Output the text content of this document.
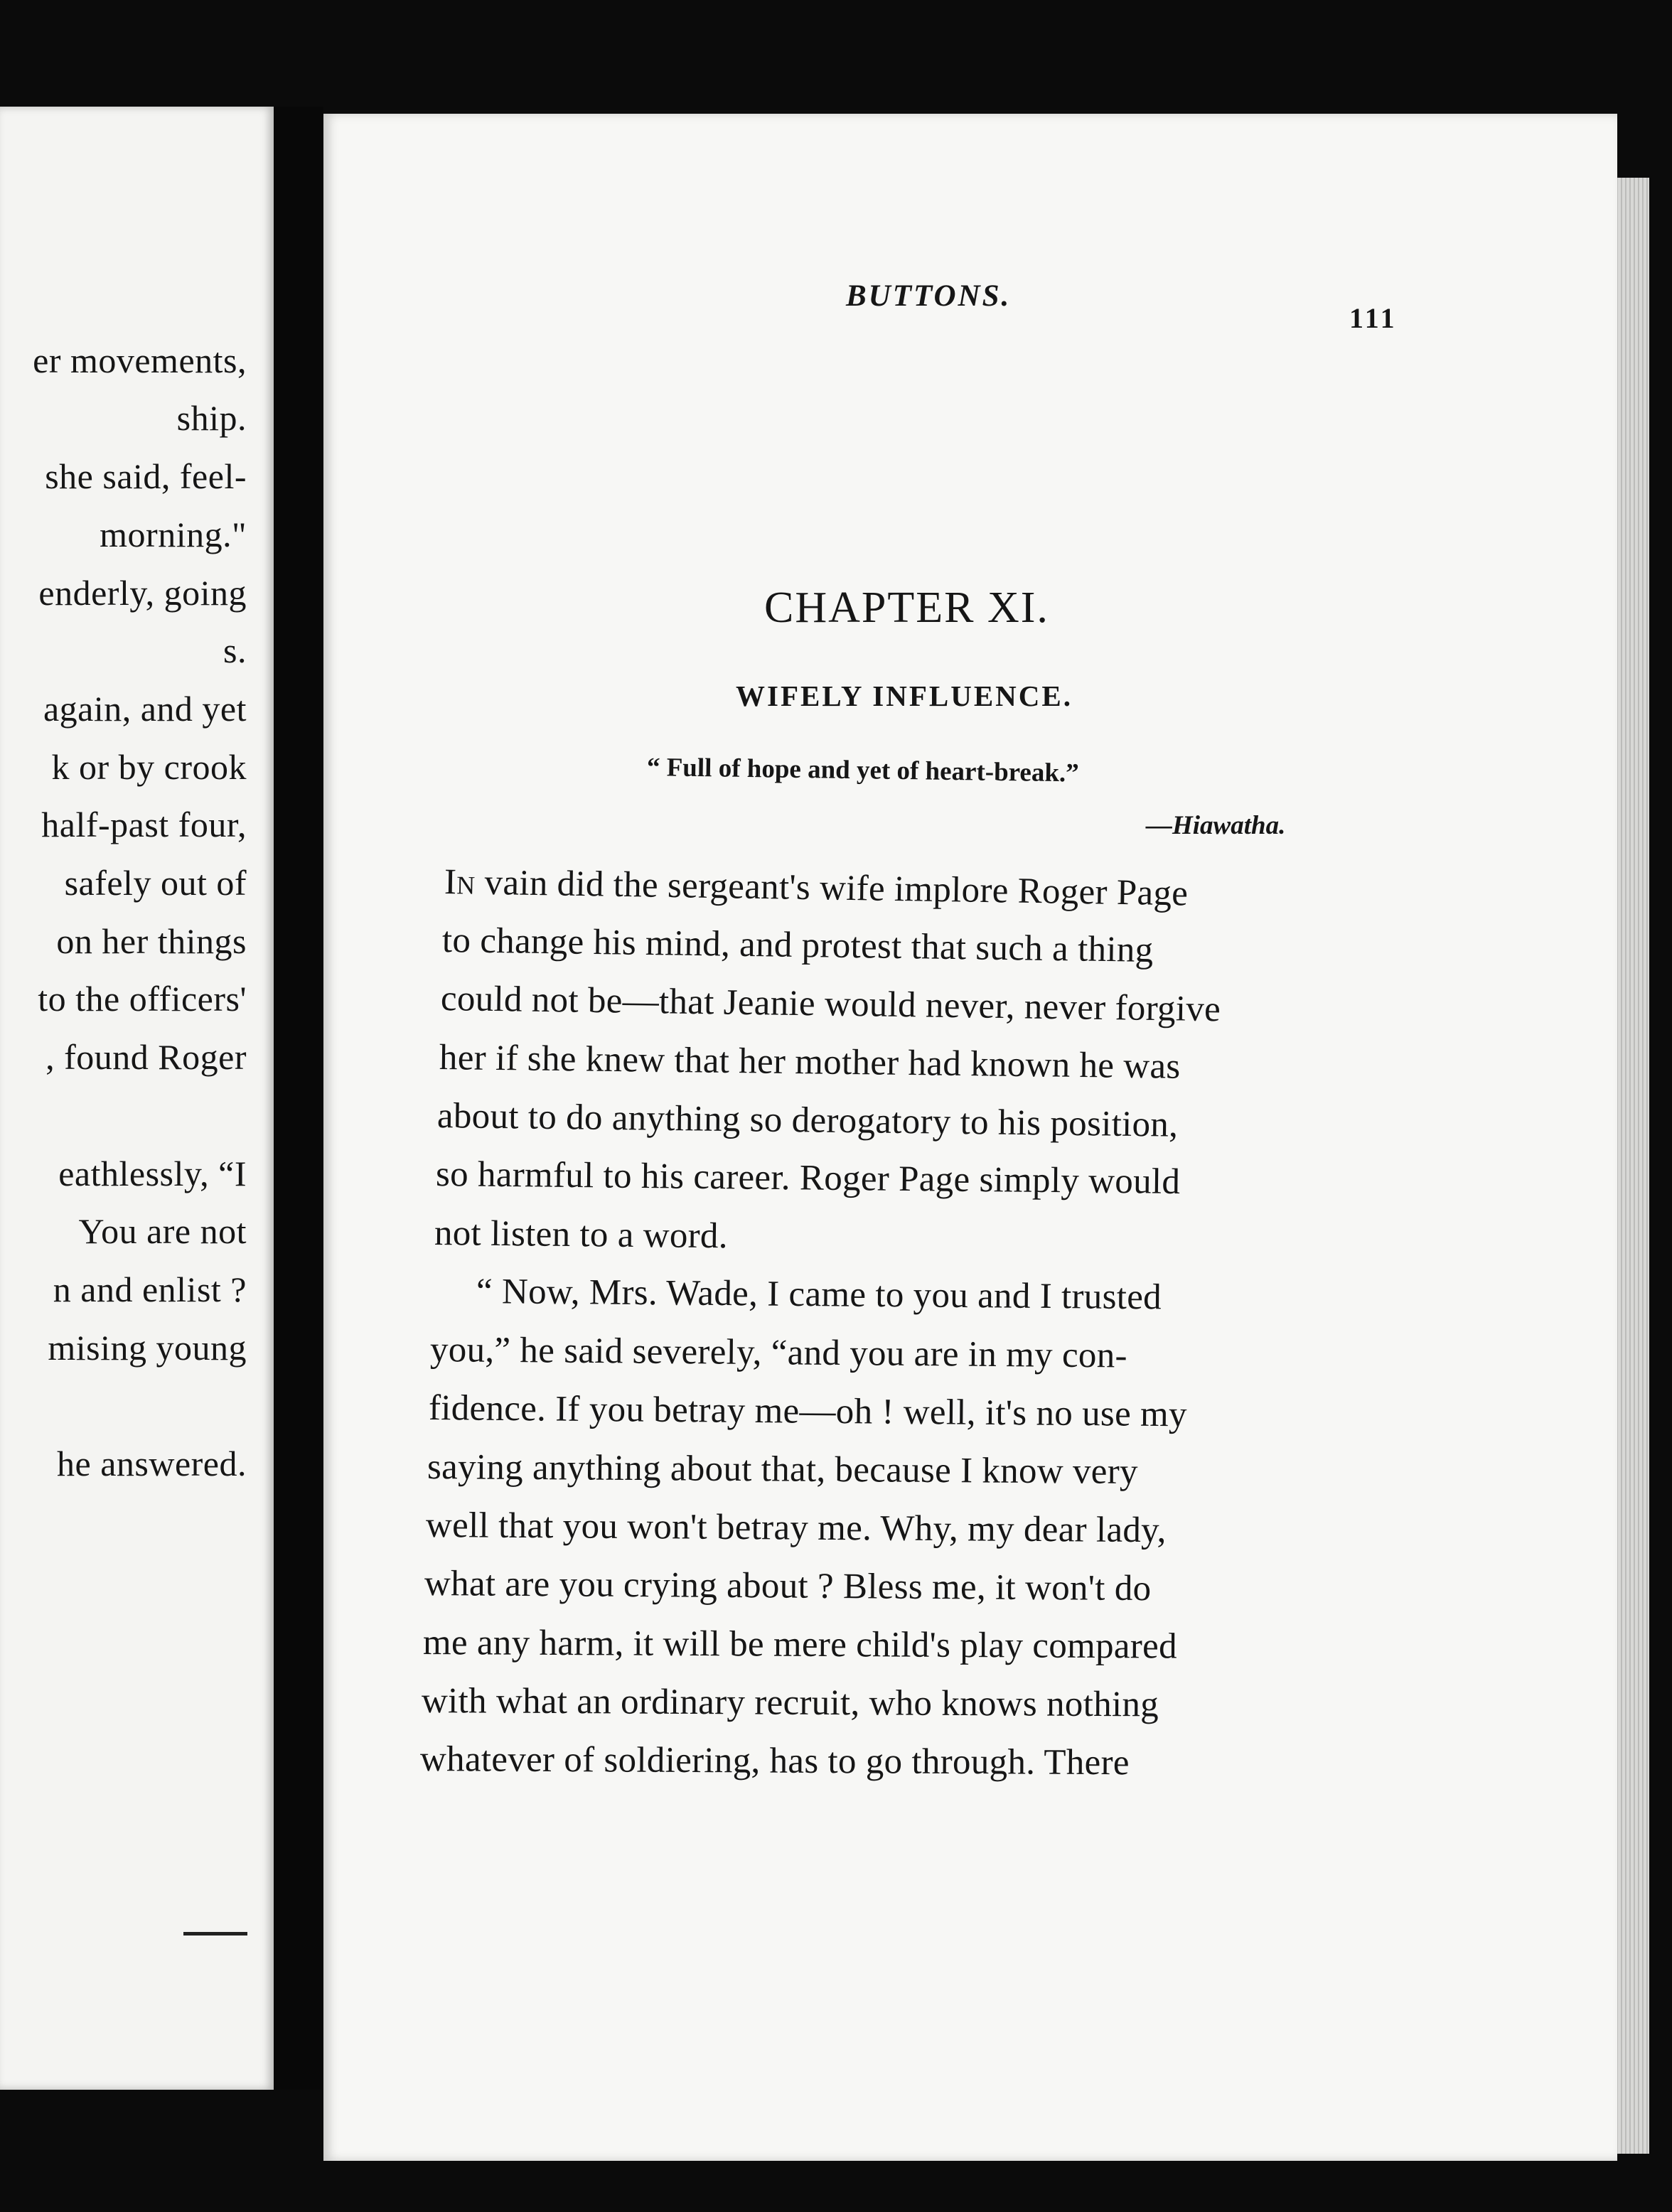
er movements,

ship.

she said, feel-

morning."

enderly, going

s.

again, and yet

k or by crook

half-past four,

safely out of

on her things

to the officers'

, found Roger

eathlessly, “I

You are not

n and enlist ?

mising young

he answered.

BUTTONS.

111

CHAPTER XI.
WIFELY INFLUENCE.

“ Full of hope and yet of heart-break.”

—Hiawatha.

In vain did the sergeant's wife implore Roger Page

to change his mind, and protest that such a thing

could not be—that Jeanie would never, never forgive

her if she knew that her mother had known he was

about to do anything so derogatory to his position,

so harmful to his career. Roger Page simply would

not listen to a word.

“ Now, Mrs. Wade, I came to you and I trusted

you,” he said severely, “and you are in my con-

fidence. If you betray me—oh ! well, it's no use my

saying anything about that, because I know very

well that you won't betray me. Why, my dear lady,

what are you crying about ? Bless me, it won't do

me any harm, it will be mere child's play compared

with what an ordinary recruit, who knows nothing

whatever of soldiering, has to go through. There
